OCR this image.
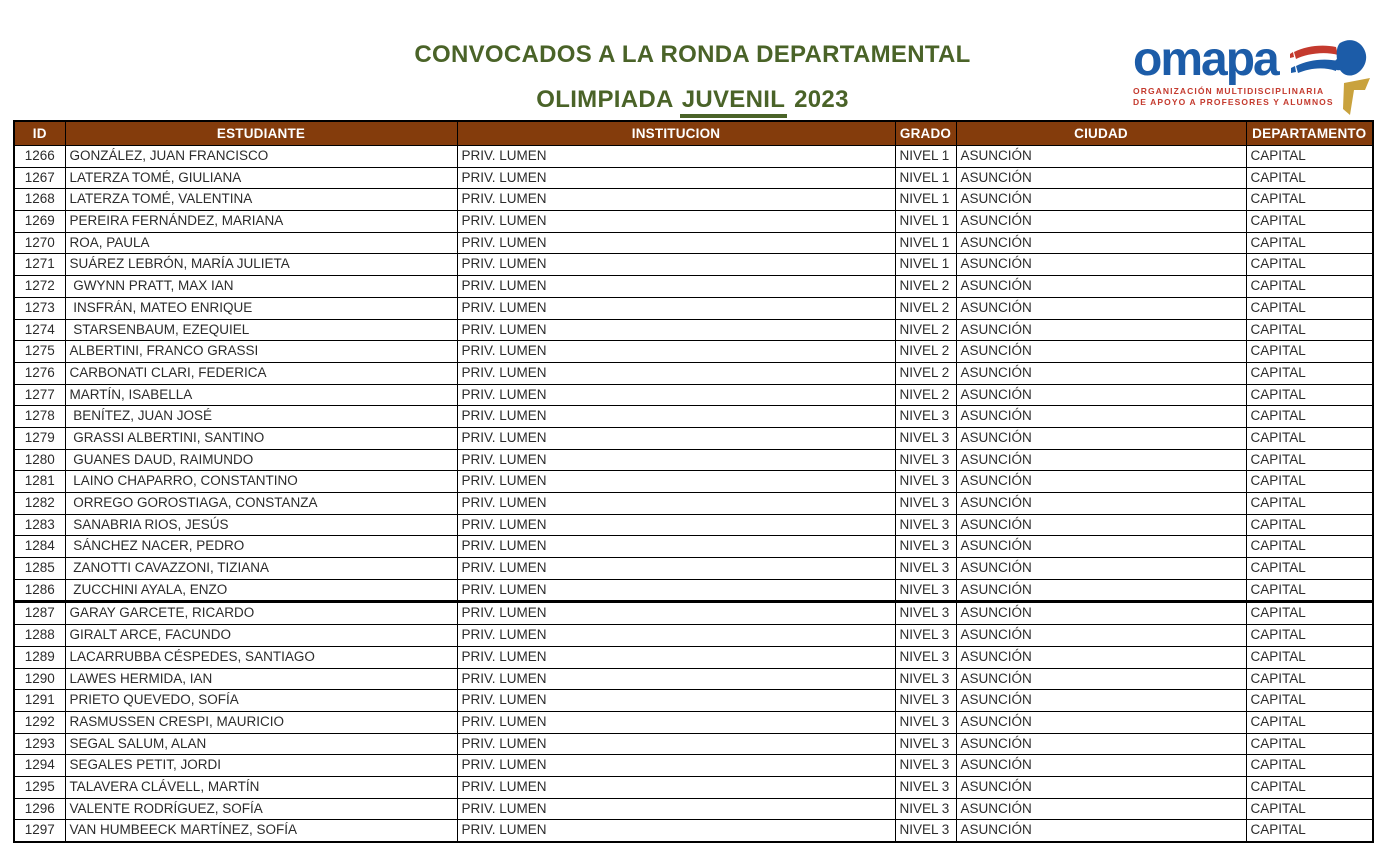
CONVOCADOS A LA RONDA DEPARTAMENTAL
OLIMPIADA JUVENIL 2023
omapa
ORGANIZACIÓN MULTIDISCIPLINARIA
DE APOYO A PROFESORES Y ALUMNOS
ID	ESTUDIANTE	INSTITUCION	GRADO	CIUDAD	DEPARTAMENTO
1266	GONZÁLEZ, JUAN FRANCISCO	PRIV. LUMEN	NIVEL 1	ASUNCIÓN	CAPITAL
1267	LATERZA TOMÉ, GIULIANA	PRIV. LUMEN	NIVEL 1	ASUNCIÓN	CAPITAL
1268	LATERZA TOMÉ, VALENTINA	PRIV. LUMEN	NIVEL 1	ASUNCIÓN	CAPITAL
1269	PEREIRA FERNÁNDEZ, MARIANA	PRIV. LUMEN	NIVEL 1	ASUNCIÓN	CAPITAL
1270	ROA, PAULA	PRIV. LUMEN	NIVEL 1	ASUNCIÓN	CAPITAL
1271	SUÁREZ LEBRÓN, MARÍA JULIETA	PRIV. LUMEN	NIVEL 1	ASUNCIÓN	CAPITAL
1272	GWYNN PRATT, MAX IAN	PRIV. LUMEN	NIVEL 2	ASUNCIÓN	CAPITAL
1273	INSFRÁN, MATEO ENRIQUE	PRIV. LUMEN	NIVEL 2	ASUNCIÓN	CAPITAL
1274	STARSENBAUM, EZEQUIEL	PRIV. LUMEN	NIVEL 2	ASUNCIÓN	CAPITAL
1275	ALBERTINI, FRANCO GRASSI	PRIV. LUMEN	NIVEL 2	ASUNCIÓN	CAPITAL
1276	CARBONATI CLARI, FEDERICA	PRIV. LUMEN	NIVEL 2	ASUNCIÓN	CAPITAL
1277	MARTÍN, ISABELLA	PRIV. LUMEN	NIVEL 2	ASUNCIÓN	CAPITAL
1278	BENÍTEZ, JUAN JOSÉ	PRIV. LUMEN	NIVEL 3	ASUNCIÓN	CAPITAL
1279	GRASSI ALBERTINI, SANTINO	PRIV. LUMEN	NIVEL 3	ASUNCIÓN	CAPITAL
1280	GUANES DAUD, RAIMUNDO	PRIV. LUMEN	NIVEL 3	ASUNCIÓN	CAPITAL
1281	LAINO CHAPARRO, CONSTANTINO	PRIV. LUMEN	NIVEL 3	ASUNCIÓN	CAPITAL
1282	ORREGO GOROSTIAGA, CONSTANZA	PRIV. LUMEN	NIVEL 3	ASUNCIÓN	CAPITAL
1283	SANABRIA RIOS, JESÚS	PRIV. LUMEN	NIVEL 3	ASUNCIÓN	CAPITAL
1284	SÁNCHEZ NACER, PEDRO	PRIV. LUMEN	NIVEL 3	ASUNCIÓN	CAPITAL
1285	ZANOTTI CAVAZZONI, TIZIANA	PRIV. LUMEN	NIVEL 3	ASUNCIÓN	CAPITAL
1286	ZUCCHINI AYALA, ENZO	PRIV. LUMEN	NIVEL 3	ASUNCIÓN	CAPITAL
1287	GARAY GARCETE, RICARDO	PRIV. LUMEN	NIVEL 3	ASUNCIÓN	CAPITAL
1288	GIRALT ARCE, FACUNDO	PRIV. LUMEN	NIVEL 3	ASUNCIÓN	CAPITAL
1289	LACARRUBBA CÉSPEDES, SANTIAGO	PRIV. LUMEN	NIVEL 3	ASUNCIÓN	CAPITAL
1290	LAWES HERMIDA, IAN	PRIV. LUMEN	NIVEL 3	ASUNCIÓN	CAPITAL
1291	PRIETO QUEVEDO, SOFÍA	PRIV. LUMEN	NIVEL 3	ASUNCIÓN	CAPITAL
1292	RASMUSSEN CRESPI, MAURICIO	PRIV. LUMEN	NIVEL 3	ASUNCIÓN	CAPITAL
1293	SEGAL SALUM, ALAN	PRIV. LUMEN	NIVEL 3	ASUNCIÓN	CAPITAL
1294	SEGALES PETIT, JORDI	PRIV. LUMEN	NIVEL 3	ASUNCIÓN	CAPITAL
1295	TALAVERA CLÁVELL, MARTÍN	PRIV. LUMEN	NIVEL 3	ASUNCIÓN	CAPITAL
1296	VALENTE RODRÍGUEZ, SOFÍA	PRIV. LUMEN	NIVEL 3	ASUNCIÓN	CAPITAL
1297	VAN HUMBEECK MARTÍNEZ, SOFÍA	PRIV. LUMEN	NIVEL 3	ASUNCIÓN	CAPITAL
